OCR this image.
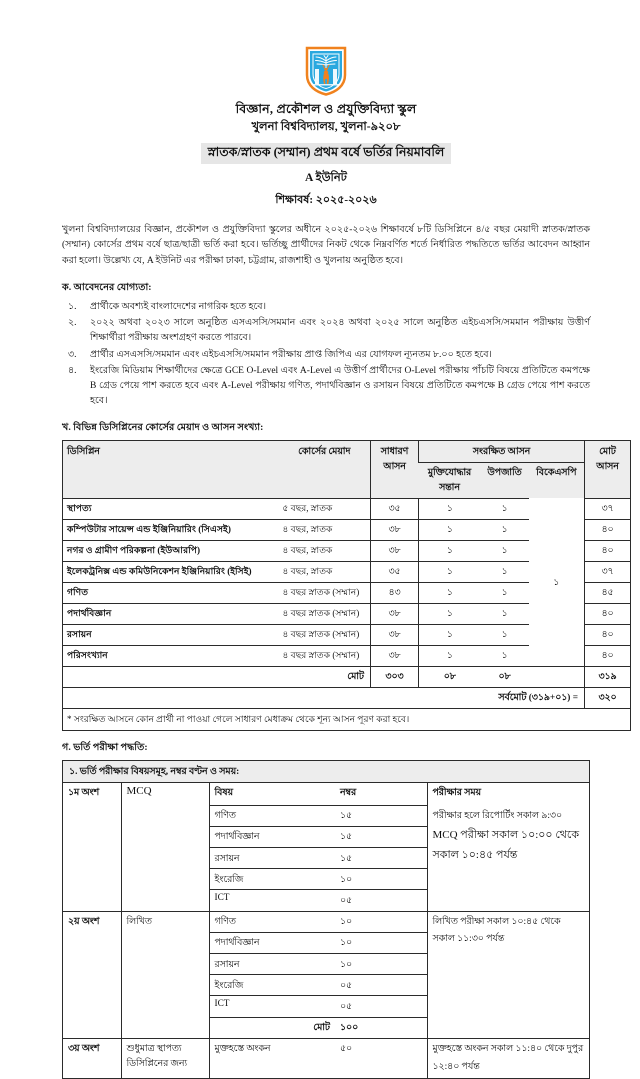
বিজ্ঞান, প্রকৌশল ও প্রযুক্তিবিদ্যা স্কুল
খুলনা বিশ্ববিদ্যালয়, খুলনা-৯২০৮
স্নাতক/স্নাতক (সম্মান) প্রথম বর্ষে ভর্তির নিয়মাবলি
A ইউনিট
শিক্ষাবর্ষ: ২০২৫-২০২৬

খুলনা বিশ্ববিদ্যালয়ের বিজ্ঞান, প্রকৌশল ও প্রযুক্তিবিদ্যা স্কুলের অধীনে ২০২৫-২০২৬ শিক্ষাবর্ষে ৮টি ডিসিপ্লিনে ৪/৫ বছর মেয়াদী স্নাতক/স্নাতক (সম্মান) কোর্সের প্রথম বর্ষে ছাত্র/ছাত্রী ভর্তি করা হবে। ভর্তিচ্ছু প্রার্থীদের নিকট থেকে নিম্নবর্ণিত শর্তে নির্ধারিত পদ্ধতিতে ভর্তির আবেদন আহ্বান করা হলো। উল্লেখ্য যে, A ইউনিট এর পরীক্ষা ঢাকা, চট্টগ্রাম, রাজশাহী ও খুলনায় অনুষ্ঠিত হবে।

ক. আবেদনের যোগ্যতা:
১.	প্রার্থীকে অবশ্যই বাংলাদেশের নাগরিক হতে হবে।
২.	২০২২ অথবা ২০২৩ সালে অনুষ্ঠিত এসএসসি/সমমান এবং ২০২৪ অথবা ২০২৫ সালে অনুষ্ঠিত এইচএসসি/সমমান পরীক্ষায় উত্তীর্ণ শিক্ষার্থীরা পরীক্ষায় অংশগ্রহণ করতে পারবে।
৩.	প্রার্থীর এসএসসি/সমমান এবং এইচএসসি/সমমান পরীক্ষায় প্রাপ্ত জিপিএ এর যোগফল ন্যূনতম ৮.০০ হতে হবে।
৪.	ইংরেজি মিডিয়াম শিক্ষার্থীদের ক্ষেত্রে GCE O-Level এবং A-Level এ উত্তীর্ণ প্রার্থীদের O-Level পরীক্ষায় পাঁচটি বিষয়ে প্রতিটিতে কমপক্ষে B গ্রেড পেয়ে পাশ করতে হবে এবং A-Level পরীক্ষায় গণিত, পদার্থবিজ্ঞান ও রসায়ন বিষয়ে প্রতিটিতে কমপক্ষে B গ্রেড পেয়ে পাশ করতে হবে।
খ. বিভিন্ন ডিসিপ্লিনের কোর্সের মেয়াদ ও আসন সংখ্যা:
ডিসিপ্লিন	কোর্সের মেয়াদ	সাধারণ
আসন	সংরক্ষিত আসন			মোট
আসন
			মুক্তিযোদ্ধার
সন্তান	উপজাতি	বিকেএসপি	
স্থাপত্য	৫ বছর, স্নাতক	৩৫	১	১	১	৩৭
কম্পিউটার সায়েন্স এন্ড ইঞ্জিনিয়ারিং (সিএসই)	৪ বছর, স্নাতক	৩৮	১	১		৪০
নগর ও গ্রামীণ পরিকল্পনা (ইউআরপি)	৪ বছর, স্নাতক	৩৮	১	১		৪০
ইলেকট্রনিক্স এন্ড কমিউনিকেশন ইঞ্জিনিয়ারিং (ইসিই)	৪ বছর, স্নাতক	৩৫	১	১		৩৭
গণিত	৪ বছর স্নাতক (সম্মান)	৪৩	১	১		৪৫
পদার্থবিজ্ঞান	৪ বছর স্নাতক (সম্মান)	৩৮	১	১		৪০
রসায়ন	৪ বছর স্নাতক (সম্মান)	৩৮	১	১		৪০
পরিসংখ্যান	৪ বছর স্নাতক (সম্মান)	৩৮	১	১		৪০
মোট		৩০৩	০৮	০৮		৩১৯
সর্বমোট (৩১৯+০১) =						৩২০
* সংরক্ষিত আসনে কোন প্রার্থী না পাওয়া গেলে সাধারণ মেধাক্রম থেকে শূন্য আসন পূরণ করা হবে।						
গ. ভর্তি পরীক্ষা পদ্ধতি:
১. ভর্তি পরীক্ষার বিষয়সমূহ, নম্বর বণ্টন ও সময়:
১ম অংশ	MCQ	বিষয়	নম্বর	পরীক্ষার সময়
		গণিত	১৫	পরীক্ষার হলে রিপোর্টিং সকাল ৯:৩০
MCQ পরীক্ষা সকাল ১০:০০ থেকে সকাল ১০:৪৫ পর্যন্ত

		পদার্থবিজ্ঞান	১৫	
		রসায়ন	১৫	
		ইংরেজি	১০	
		ICT	০৫	
২য় অংশ	লিখিত	গণিত	১০	লিখিত পরীক্ষা সকাল ১০:৪৫ থেকে সকাল ১১:৩০ পর্যন্ত

		পদার্থবিজ্ঞান	১০	
		রসায়ন	১০	
		ইংরেজি	০৫	
		ICT	০৫	
		মোট	১০০	
৩য় অংশ	শুধুমাত্র স্থাপত্য ডিসিপ্লিনের জন্য	মুক্তহস্তে অংকন	৫০	মুক্তহস্তে অংকন সকাল ১১:৪০ থেকে দুপুর ১২:৪০ পর্যন্ত
